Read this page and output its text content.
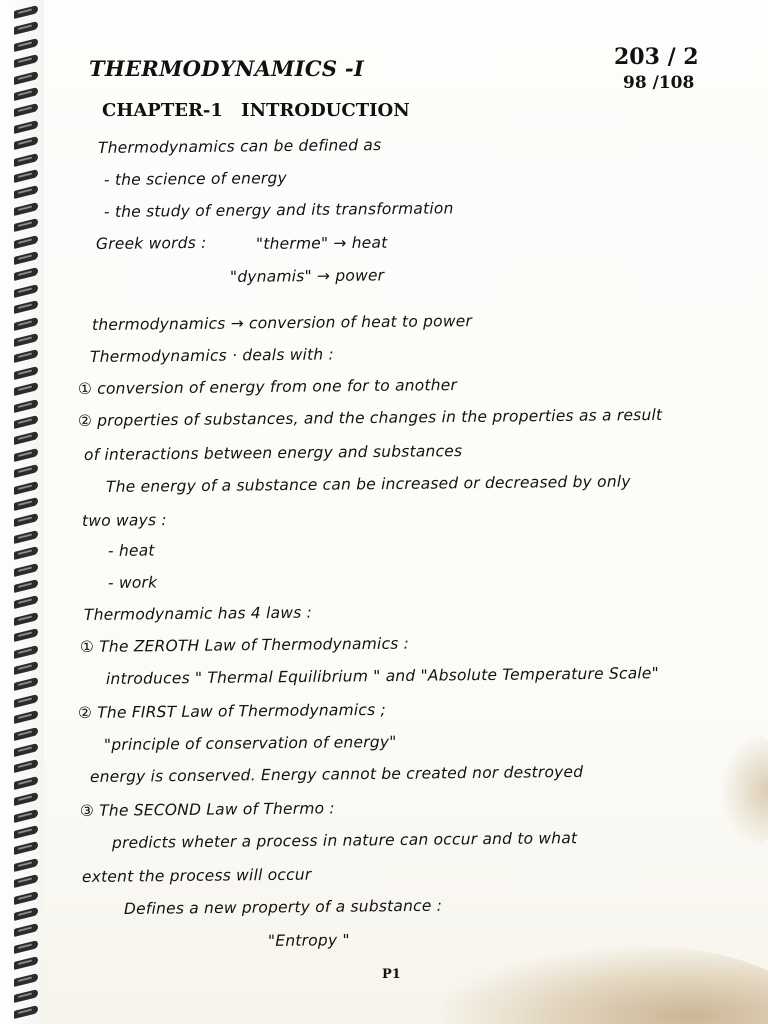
THERMODYNAMICS -I	203 / 2
98 /108
CHAPTER-1 INTRODUCTION
Thermodynamics can be defined as
- the science of energy
- the study of energy and its transformation
Greek words :	"therme" → heat
"dynamis" → power
thermodynamics → conversion of heat to power
Thermodynamics · deals with :
① conversion of energy from one for to another
② properties of substances, and the changes in the properties as a result
of interactions between energy and substances
The energy of a substance can be increased or decreased by only
two ways :
- heat
- work
Thermodynamic has 4 laws :
① The ZEROTH Law of Thermodynamics :
introduces " Thermal Equilibrium " and "Absolute Temperature Scale"
② The FIRST Law of Thermodynamics ;
"principle of conservation of energy"
energy is conserved. Energy cannot be created nor destroyed
③ The SECOND Law of Thermo :
predicts wheter a process in nature can occur and to what
extent the process will occur
Defines a new property of a substance :
"Entropy "
P1
